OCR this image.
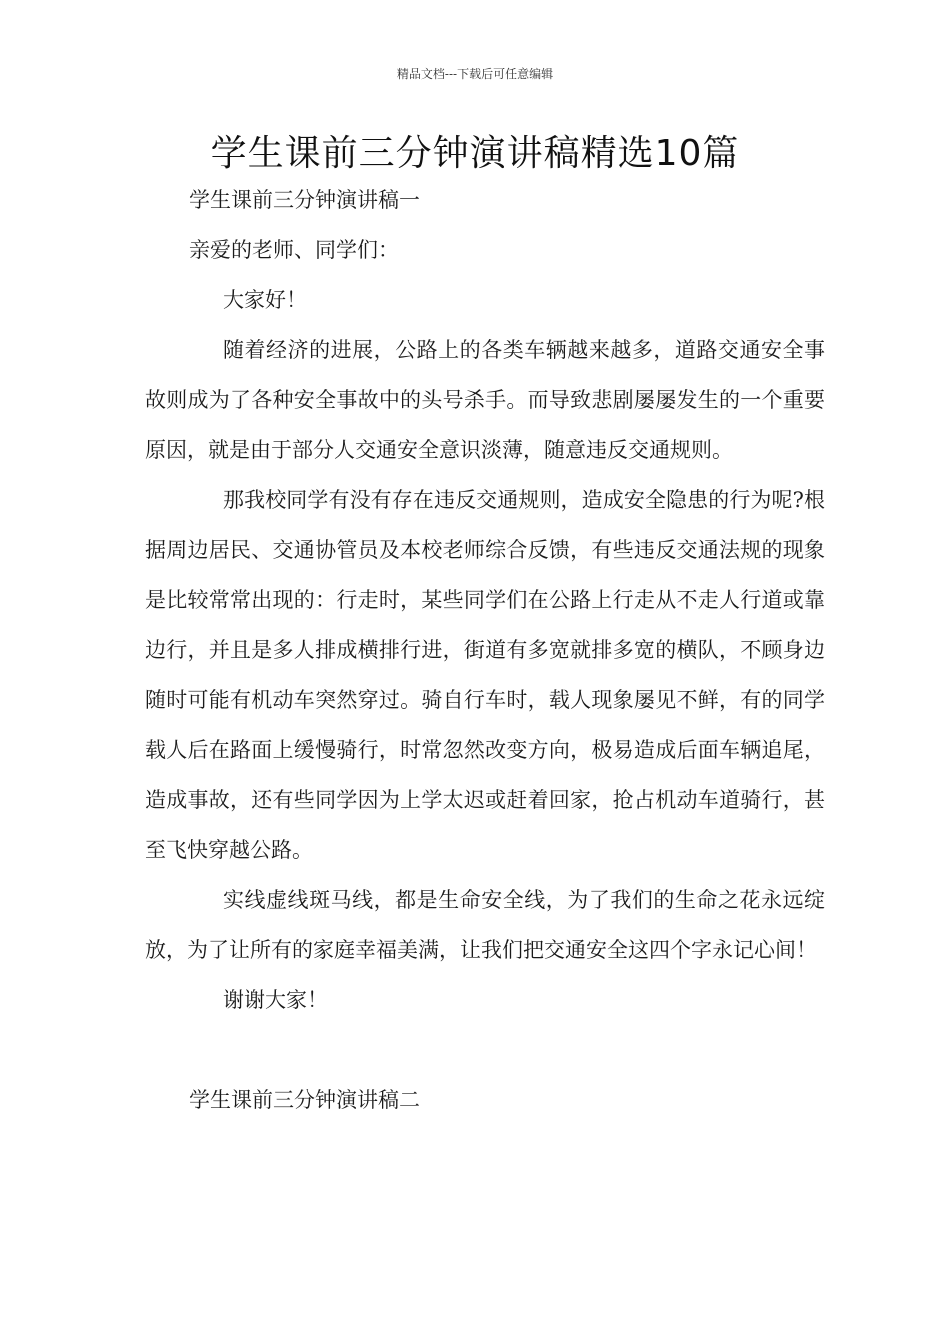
精品文档---下载后可任意编辑
学生课前三分钟演讲稿精选10篇

学生课前三分钟演讲稿一

亲爱的老师、同学们：

大家好！

随着经济的进展，公路上的各类车辆越来越多，道路交通安全事故则成为了各种安全事故中的头号杀手。而导致悲剧屡屡发生的一个重要原因，就是由于部分人交通安全意识淡薄，随意违反交通规则。

那我校同学有没有存在违反交通规则，造成安全隐患的行为呢?根据周边居民、交通协管员及本校老师综合反馈，有些违反交通法规的现象是比较常常出现的：行走时，某些同学们在公路上行走从不走人行道或靠边行，并且是多人排成横排行进，街道有多宽就排多宽的横队，不顾身边随时可能有机动车突然穿过。骑自行车时，载人现象屡见不鲜，有的同学载人后在路面上缓慢骑行，时常忽然改变方向，极易造成后面车辆追尾，造成事故，还有些同学因为上学太迟或赶着回家，抢占机动车道骑行，甚至飞快穿越公路。

实线虚线斑马线，都是生命安全线，为了我们的生命之花永远绽放，为了让所有的家庭幸福美满，让我们把交通安全这四个字永记心间！

谢谢大家！

学生课前三分钟演讲稿二
